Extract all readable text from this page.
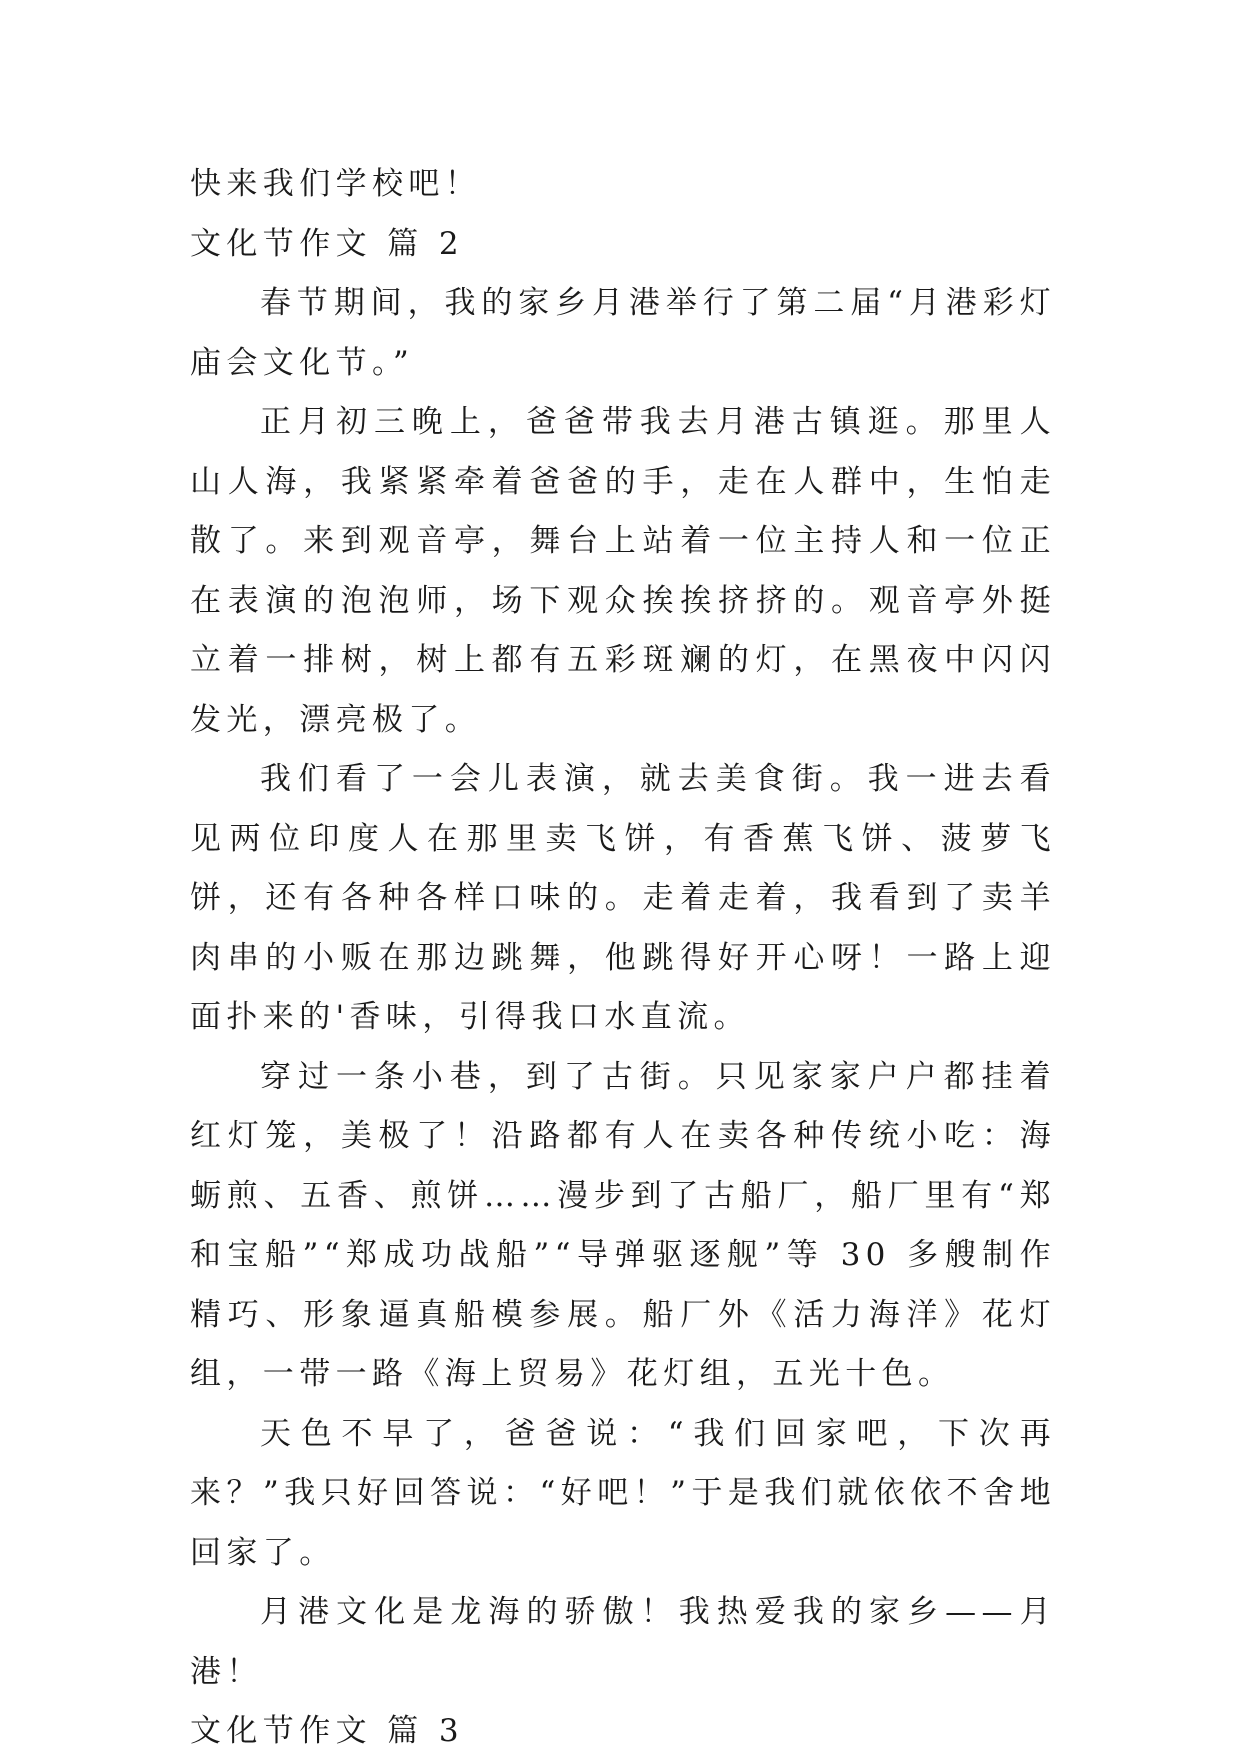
快来我们学校吧！

文化节作文 篇 2

春节期间，我的家乡月港举行了第二届“月港彩灯庙会文化节。”

正月初三晚上，爸爸带我去月港古镇逛。那里人山人海，我紧紧牵着爸爸的手，走在人群中，生怕走散了。来到观音亭，舞台上站着一位主持人和一位正在表演的泡泡师，场下观众挨挨挤挤的。观音亭外挺立着一排树，树上都有五彩斑斓的灯，在黑夜中闪闪发光，漂亮极了。

我们看了一会儿表演，就去美食街。我一进去看见两位印度人在那里卖飞饼，有香蕉飞饼、菠萝飞饼，还有各种各样口味的。走着走着，我看到了卖羊肉串的小贩在那边跳舞，他跳得好开心呀！一路上迎面扑来的'香味，引得我口水直流。

穿过一条小巷，到了古街。只见家家户户都挂着红灯笼，美极了！沿路都有人在卖各种传统小吃：海蛎煎、五香、煎饼……漫步到了古船厂，船厂里有“郑和宝船”“郑成功战船”“导弹驱逐舰”等 30 多艘制作精巧、形象逼真船模参展。船厂外《活力海洋》花灯组，一带一路《海上贸易》花灯组，五光十色。

天色不早了，爸爸说：“我们回家吧，下次再来？”我只好回答说：“好吧！”于是我们就依依不舍地回家了。

月港文化是龙海的骄傲！我热爱我的家乡——月港！

文化节作文 篇 3
